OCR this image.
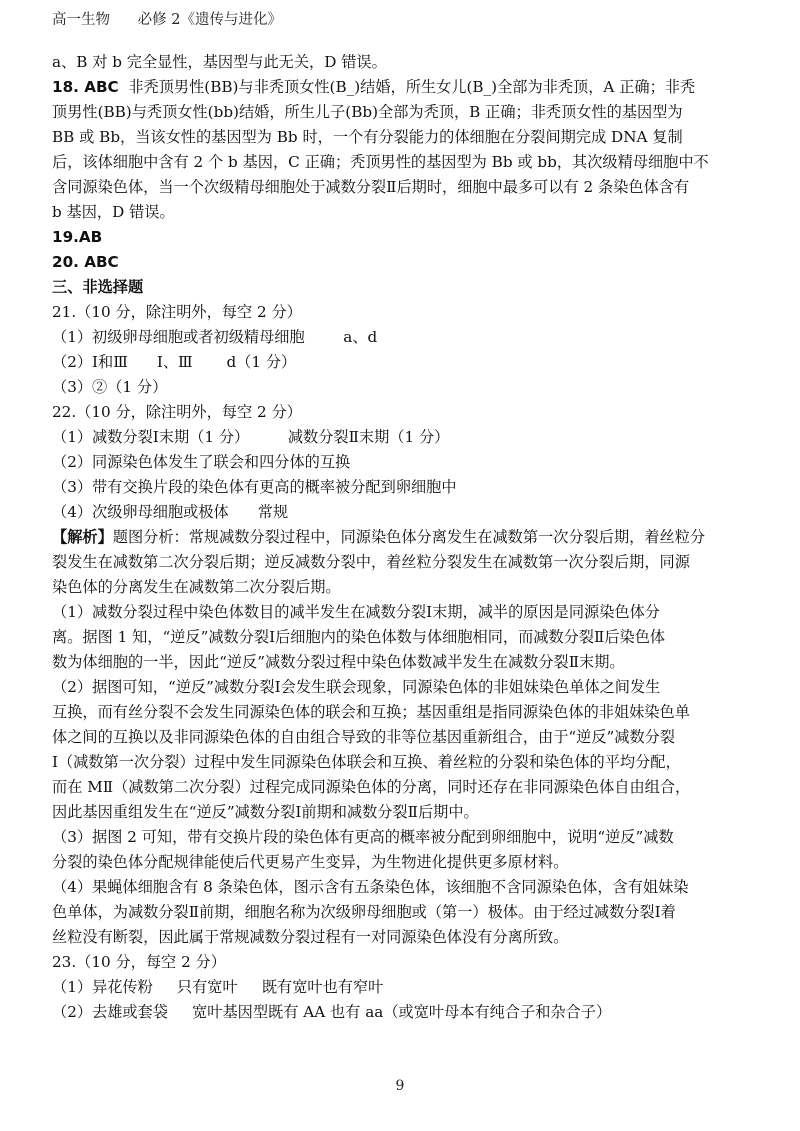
高一生物 必修 2《遗传与进化》
a、B 对 b 完全显性，基因型与此无关，D 错误。
18. ABC  非秃顶男性(BB)与非秃顶女性(B_)结婚，所生女儿(B_)全部为非秃顶，A 正确；非秃
顶男性(BB)与秃顶女性(bb)结婚，所生儿子(Bb)全部为秃顶，B 正确；非秃顶女性的基因型为
BB 或 Bb，当该女性的基因型为 Bb 时，一个有分裂能力的体细胞在分裂间期完成 DNA 复制
后，该体细胞中含有 2 个 b 基因，C 正确；秃顶男性的基因型为 Bb 或 bb，其次级精母细胞中不
含同源染色体，当一个次级精母细胞处于减数分裂Ⅱ后期时，细胞中最多可以有 2 条染色体含有
b 基因，D 错误。
19.AB
20. ABC
三、非选择题
21.（10 分，除注明外，每空 2 分）
（1）初级卵母细胞或者初级精母细胞        a、d
（2）Ⅰ和Ⅲ      Ⅰ、Ⅲ       d（1 分）
（3）②（1 分）
22.（10 分，除注明外，每空 2 分）
（1）减数分裂Ⅰ末期（1 分）        减数分裂Ⅱ末期（1 分）
（2）同源染色体发生了联会和四分体的互换
（3）带有交换片段的染色体有更高的概率被分配到卵细胞中
（4）次级卵母细胞或极体      常规
【解析】题图分析：常规减数分裂过程中，同源染色体分离发生在减数第一次分裂后期，着丝粒分
裂发生在减数第二次分裂后期；逆反减数分裂中，着丝粒分裂发生在减数第一次分裂后期，同源
染色体的分离发生在减数第二次分裂后期。
（1）减数分裂过程中染色体数目的减半发生在减数分裂Ⅰ末期，减半的原因是同源染色体分
离。据图 1 知，“逆反”减数分裂Ⅰ后细胞内的染色体数与体细胞相同，而减数分裂Ⅱ后染色体
数为体细胞的一半，因此“逆反”减数分裂过程中染色体数减半发生在减数分裂Ⅱ末期。
（2）据图可知，“逆反”减数分裂Ⅰ会发生联会现象，同源染色体的非姐妹染色单体之间发生
互换，而有丝分裂不会发生同源染色体的联会和互换；基因重组是指同源染色体的非姐妹染色单
体之间的互换以及非同源染色体的自由组合导致的非等位基因重新组合，由于“逆反”减数分裂
Ⅰ（减数第一次分裂）过程中发生同源染色体联会和互换、着丝粒的分裂和染色体的平均分配，
而在 MⅡ（减数第二次分裂）过程完成同源染色体的分离，同时还存在非同源染色体自由组合，
因此基因重组发生在“逆反”减数分裂Ⅰ前期和减数分裂Ⅱ后期中。
（3）据图 2 可知，带有交换片段的染色体有更高的概率被分配到卵细胞中，说明“逆反”减数
分裂的染色体分配规律能使后代更易产生变异，为生物进化提供更多原材料。
（4）果蝇体细胞含有 8 条染色体，图示含有五条染色体，该细胞不含同源染色体，含有姐妹染
色单体，为减数分裂Ⅱ前期，细胞名称为次级卵母细胞或（第一）极体。由于经过减数分裂Ⅰ着
丝粒没有断裂，因此属于常规减数分裂过程有一对同源染色体没有分离所致。
23.（10 分，每空 2 分）
（1）异花传粉     只有宽叶     既有宽叶也有窄叶
（2）去雄或套袋     宽叶基因型既有 AA 也有 aa（或宽叶母本有纯合子和杂合子）
9
